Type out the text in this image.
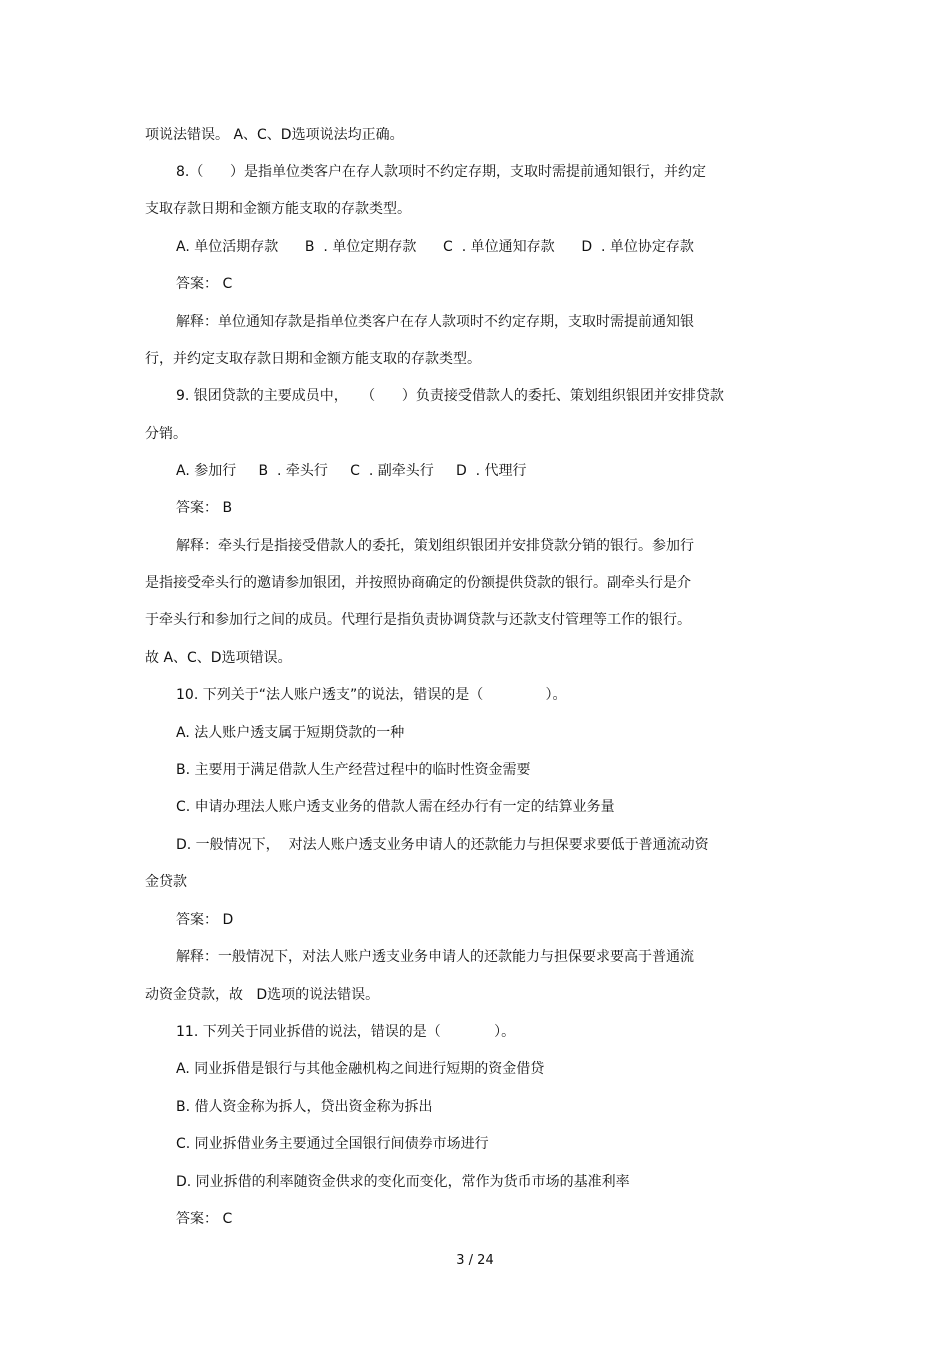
项说法错误。 A、C、D选项说法均正确。
8.（      ）是指单位类客户在存人款项时不约定存期，支取时需提前通知银行，并约定
支取存款日期和金额方能支取的存款类型。
A. 单位活期存款      B  . 单位定期存款      C  . 单位通知存款      D  . 单位协定存款
答案： C
解释：单位通知存款是指单位类客户在存人款项时不约定存期，支取时需提前通知银
行，并约定支取存款日期和金额方能支取的存款类型。
9. 银团贷款的主要成员中，   （      ）负责接受借款人的委托、策划组织银团并安排贷款
分销。
A. 参加行     B  . 牵头行     C  . 副牵头行     D  . 代理行
答案： B
解释：牵头行是指接受借款人的委托，策划组织银团并安排贷款分销的银行。参加行
是指接受牵头行的邀请参加银团，并按照协商确定的份额提供贷款的银行。副牵头行是介
于牵头行和参加行之间的成员。代理行是指负责协调贷款与还款支付管理等工作的银行。
故 A、C、D选项错误。
10. 下列关于“法人账户透支”的说法，错误的是（              ）。
A. 法人账户透支属于短期贷款的一种
B. 主要用于满足借款人生产经营过程中的临时性资金需要
C. 申请办理法人账户透支业务的借款人需在经办行有一定的结算业务量
D. 一般情况下，  对法人账户透支业务申请人的还款能力与担保要求要低于普通流动资
金贷款
答案： D
解释：一般情况下，对法人账户透支业务申请人的还款能力与担保要求要高于普通流
动资金贷款，故   D选项的说法错误。
11. 下列关于同业拆借的说法，错误的是（            ）。
A. 同业拆借是银行与其他金融机构之间进行短期的资金借贷
B. 借人资金称为拆人，贷出资金称为拆出
C. 同业拆借业务主要通过全国银行间债券市场进行
D. 同业拆借的利率随资金供求的变化而变化，常作为货币市场的基准利率
答案： C
3 / 24
